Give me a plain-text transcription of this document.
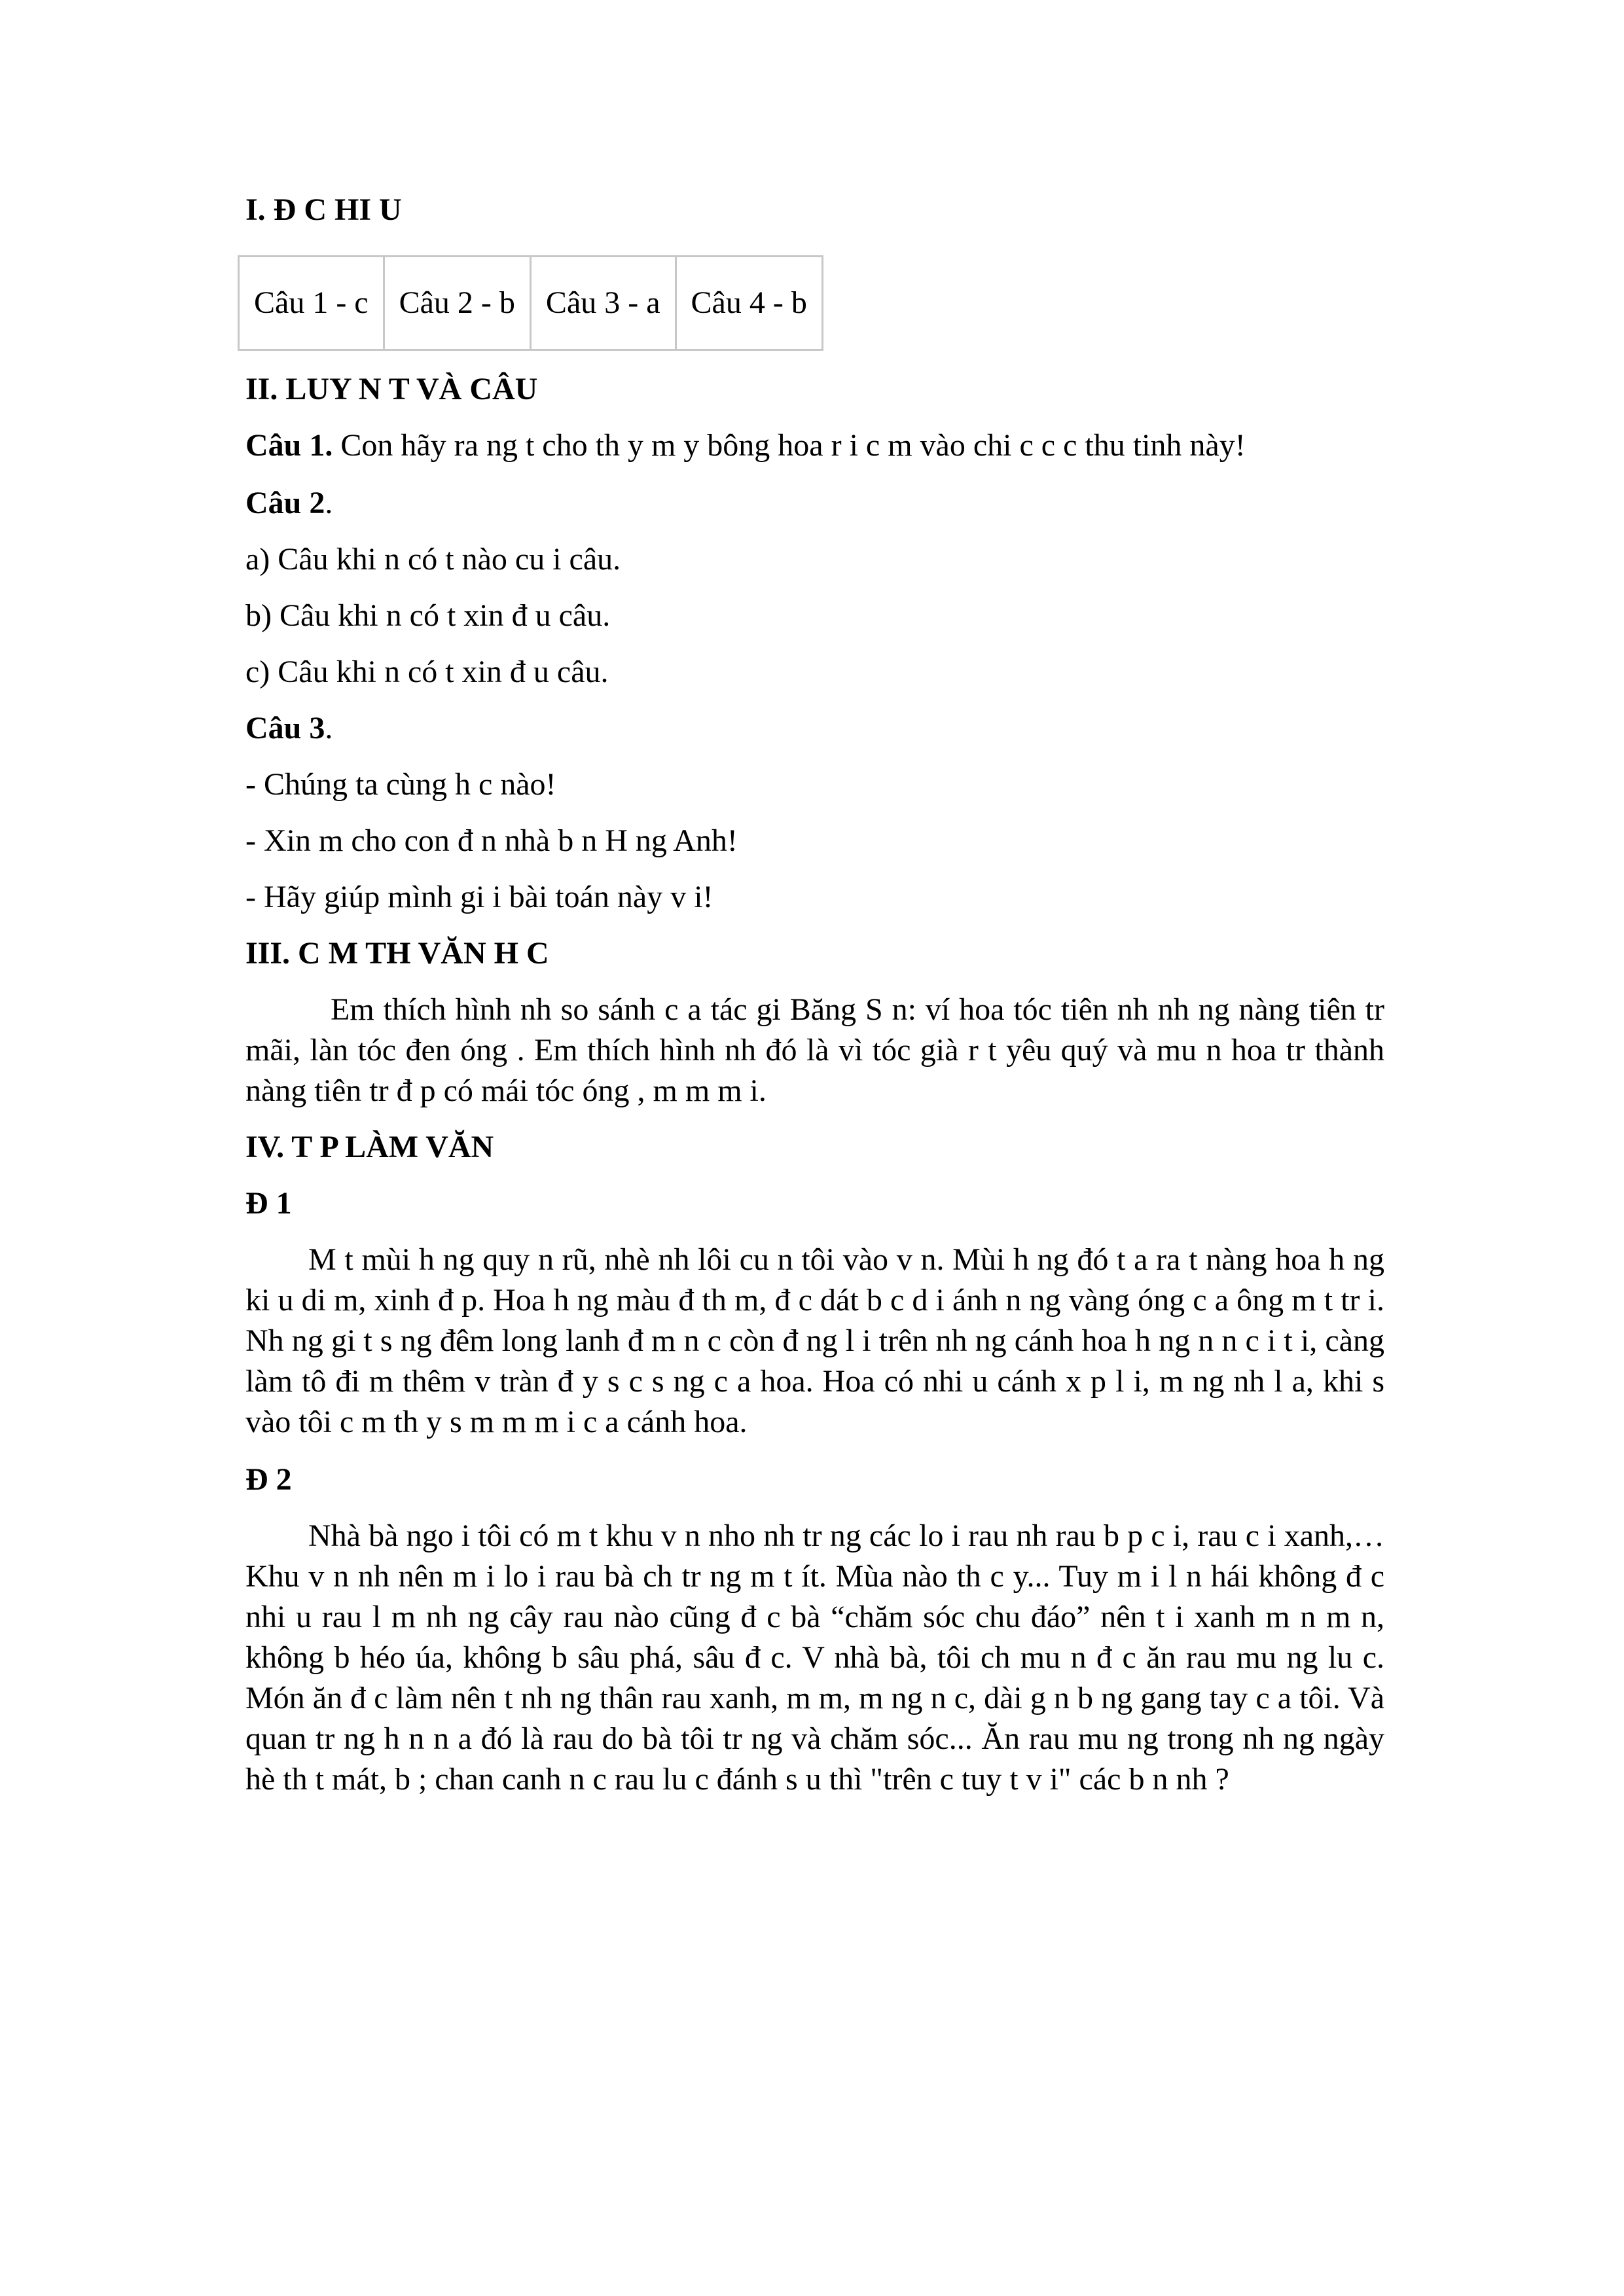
I. Đ C HI U

Câu 1 - c	Câu 2 - b	Câu 3 - a	Câu 4 - b

II. LUY N T VÀ CÂU

Câu 1. Con hãy ra ng t cho th y m y bông hoa r i c m vào chi c c c thu tinh này!

Câu 2.

a) Câu khi n có t nào cu i câu.

b) Câu khi n có t xin đ u câu.

c) Câu khi n có t xin đ u câu.

Câu 3.

- Chúng ta cùng h c nào!

- Xin m cho con đ n nhà b n H ng Anh!

- Hãy giúp mình gi i bài toán này v i!

III. C M TH VĂN H C

Em thích hình nh so sánh c a tác gi Băng S n: ví hoa tóc tiên nh nh ng nàng tiên tr mãi, làn tóc đen óng . Em thích hình nh đó là vì tóc già r t yêu quý và mu n hoa tr thành nàng tiên tr đ p có mái tóc óng , m m m i.

IV. T P LÀM VĂN

Đ 1

M t mùi h ng quy n rũ, nhè nh lôi cu n tôi vào v n. Mùi h ng đó t a ra t nàng hoa h ng ki u di m, xinh đ p. Hoa h ng màu đ th m, đ c dát b c d i ánh n ng vàng óng c a ông m t tr i. Nh ng gi t s ng đêm long lanh đ m n c còn đ ng l i trên nh ng cánh hoa h ng n n c i t i, càng làm tô đi m thêm v tràn đ y s c s ng c a hoa. Hoa có nhi u cánh x p l i, m ng nh l a, khi s vào tôi c m th y s m m m i c a cánh hoa.

Đ 2

Nhà bà ngo i tôi có m t khu v n nho nh tr ng các lo i rau nh rau b p c i, rau c i xanh,… Khu v n nh nên m i lo i rau bà ch tr ng m t ít. Mùa nào th c y... Tuy m i l n hái không đ c nhi u rau l m nh ng cây rau nào cũng đ c bà “chăm sóc chu đáo” nên t i xanh m n m n, không b héo úa, không b sâu phá, sâu đ c. V nhà bà, tôi ch mu n đ c ăn rau mu ng lu c. Món ăn đ c làm nên t nh ng thân rau xanh, m m, m ng n c, dài g n b ng gang tay c a tôi. Và quan tr ng h n n a đó là rau do bà tôi tr ng và chăm sóc... Ăn rau mu ng trong nh ng ngày hè th t mát, b ; chan canh n c rau lu c đánh s u thì "trên c tuy t v i" các b n nh ?
